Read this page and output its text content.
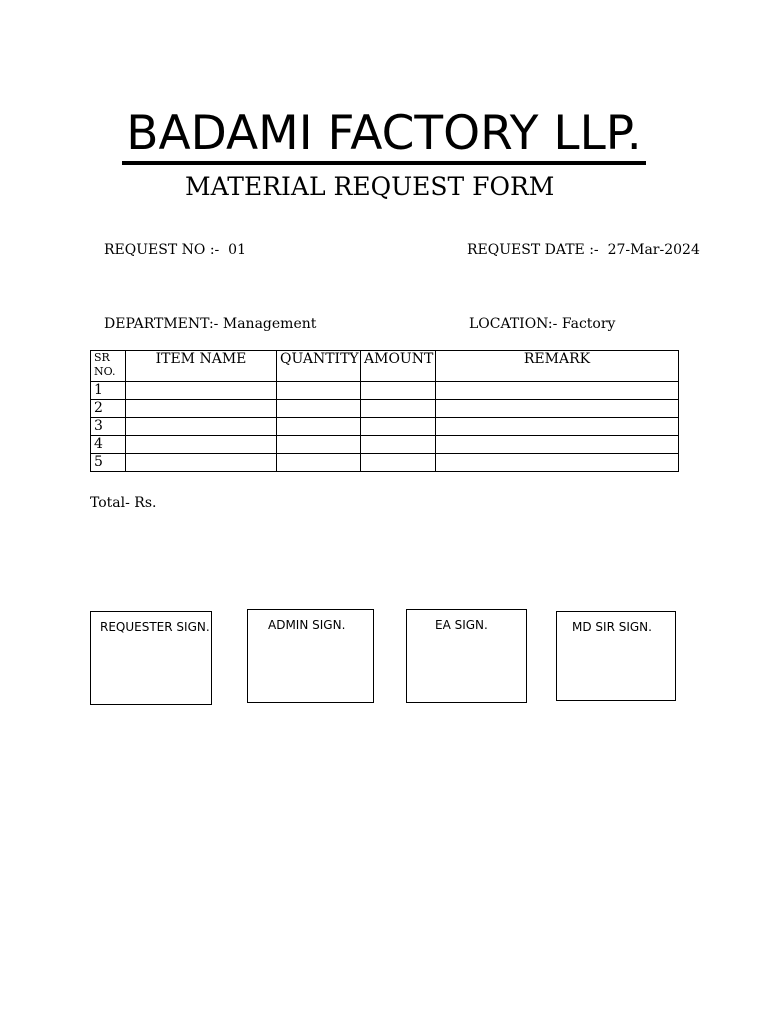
BADAMI FACTORY LLP.
MATERIAL REQUEST FORM
REQUEST NO :- 01	REQUEST DATE :- 27-Mar-2024
DEPARTMENT:- Management	LOCATION:- Factory
SR
NO.	ITEM NAME	QUANTITY	AMOUNT	REMARK
1				
2				
3				
4				
5				
Total- Rs.
REQUESTER SIGN.	ADMIN SIGN.	EA SIGN.	MD SIR SIGN.
